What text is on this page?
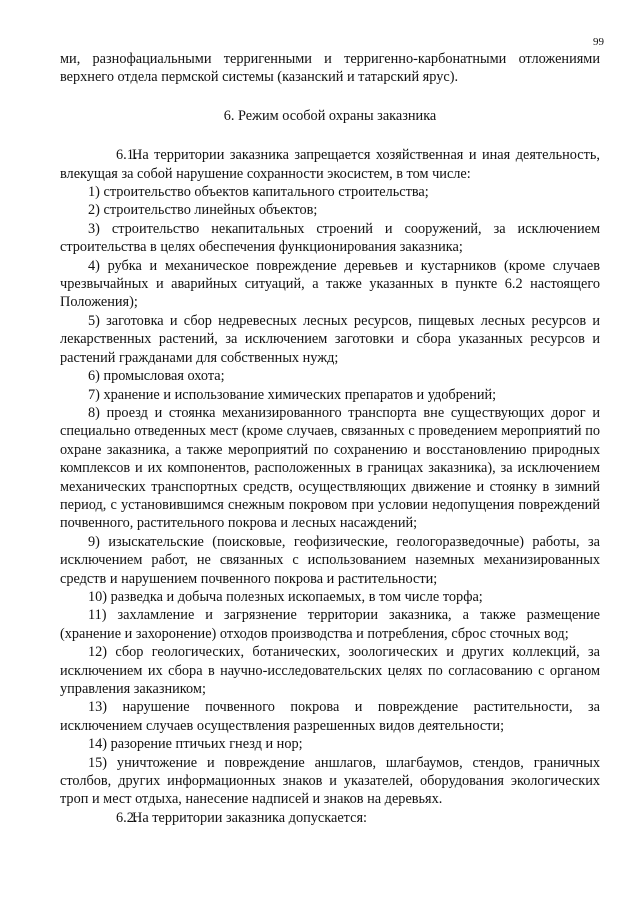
99

ми, разнофациальными терригенными и терригенно-карбонатными отложениями верхнего отдела пермской системы (казанский и татарский ярус).

6. Режим особой охраны заказника

6.1.На территории заказника запрещается хозяйственная и иная деятельность, влекущая за собой нарушение сохранности экосистем, в том числе:

1) строительство объектов капитального строительства;

2) строительство линейных объектов;

3) строительство некапитальных строений и сооружений, за исключением строительства в целях обеспечения функционирования заказника;

4) рубка и механическое повреждение деревьев и кустарников (кроме случаев чрезвычайных и аварийных ситуаций, а также указанных в пункте 6.2 настоящего Положения);

5) заготовка и сбор недревесных лесных ресурсов, пищевых лесных ресурсов и лекарственных растений, за исключением заготовки и сбора указанных ресурсов и растений гражданами для собственных нужд;

6) промысловая охота;

7) хранение и использование химических препаратов и удобрений;

8) проезд и стоянка механизированного транспорта вне существующих дорог и специально отведенных мест (кроме случаев, связанных с проведением мероприятий по охране заказника, а также мероприятий по сохранению и восстановлению природных комплексов и их компонентов, расположенных в границах заказника), за исключением механических транспортных средств, осуществляющих движение и стоянку в зимний период, с установившимся снежным покровом при условии недопущения повреждений почвенного, растительного покрова и лесных насаждений;

9) изыскательские (поисковые, геофизические, геологоразведочные) работы, за исключением работ, не связанных с использованием наземных механизированных средств и нарушением почвенного покрова и растительности;

10) разведка и добыча полезных ископаемых, в том числе торфа;

11) захламление и загрязнение территории заказника, а также размещение (хранение и захоронение) отходов производства и потребления, сброс сточных вод;

12) сбор геологических, ботанических, зоологических и других коллекций, за исключением их сбора в научно-исследовательских целях по согласованию с органом управления заказником;

13) нарушение почвенного покрова и повреждение растительности, за исключением случаев осуществления разрешенных видов деятельности;

14) разорение птичьих гнезд и нор;

15) уничтожение и повреждение аншлагов, шлагбаумов, стендов, граничных столбов, других информационных знаков и указателей, оборудования экологических троп и мест отдыха, нанесение надписей и знаков на деревьях.

6.2.На территории заказника допускается:
